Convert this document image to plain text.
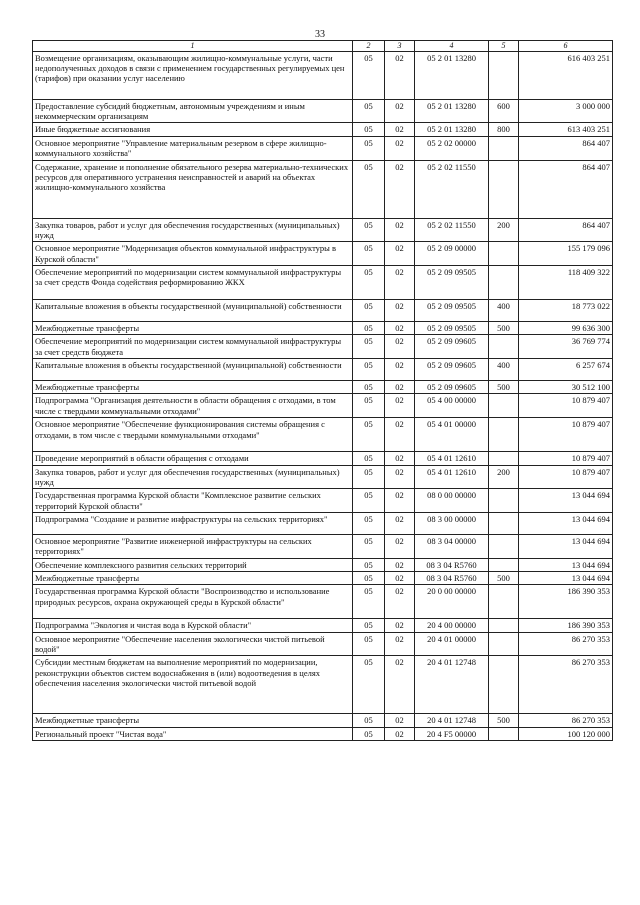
33
1	2	3	4	5	6
Возмещение организациям, оказывающим жилищно-коммунальные услуги, части недополученных доходов в связи с применением государственных регулируемых цен (тарифов) при оказании услуг населению	05	02	05 2 01 13280		616 403 251
Предоставление субсидий бюджетным, автономным учреждениям и иным некоммерческим организациям	05	02	05 2 01 13280	600	3 000 000
Иные бюджетные ассигнования	05	02	05 2 01 13280	800	613 403 251
Основное мероприятие "Управление материальным резервом в сфере жилищно-коммунального хозяйства"	05	02	05 2 02 00000		864 407
Содержание, хранение и пополнение обязательного резерва материально-технических ресурсов для оперативного устранения неисправностей и аварий на объектах жилищно-коммунального хозяйства	05	02	05 2 02 11550		864 407
Закупка товаров, работ и услуг для обеспечения государственных (муниципальных) нужд	05	02	05 2 02 11550	200	864 407
Основное мероприятие "Модернизация объектов коммунальной инфраструктуры в Курской области"	05	02	05 2 09 00000		155 179 096
Обеспечение мероприятий по модернизации систем коммунальной инфраструктуры за счет средств Фонда содействия реформированию ЖКХ	05	02	05 2 09 09505		118 409 322
Капитальные вложения в объекты государственной (муниципальной) собственности	05	02	05 2 09 09505	400	18 773 022
Межбюджетные трансферты	05	02	05 2 09 09505	500	99 636 300
Обеспечение мероприятий по модернизации систем коммунальной инфраструктуры за счет средств бюджета	05	02	05 2 09 09605		36 769 774
Капитальные вложения в объекты государственной (муниципальной) собственности	05	02	05 2 09 09605	400	6 257 674
Межбюджетные трансферты	05	02	05 2 09 09605	500	30 512 100
Подпрограмма "Организация деятельности в области обращения с отходами, в том числе с твердыми коммунальными отходами"	05	02	05 4 00 00000		10 879 407
Основное мероприятие "Обеспечение функционирования системы обращения с отходами, в том числе с твердыми коммунальными отходами"	05	02	05 4 01 00000		10 879 407
Проведение мероприятий в области обращения с отходами	05	02	05 4 01 12610		10 879 407
Закупка товаров, работ и услуг для обеспечения государственных (муниципальных) нужд	05	02	05 4 01 12610	200	10 879 407
Государственная программа Курской области "Комплексное развитие сельских территорий Курской области"	05	02	08 0 00 00000		13 044 694
Подпрограмма "Создание и развитие инфраструктуры на сельских территориях"	05	02	08 3 00 00000		13 044 694
Основное мероприятие "Развитие инженерной инфраструктуры на сельских территориях"	05	02	08 3 04 00000		13 044 694
Обеспечение комплексного развития сельских территорий	05	02	08 3 04 R5760		13 044 694
Межбюджетные трансферты	05	02	08 3 04 R5760	500	13 044 694
Государственная программа Курской области "Воспроизводство и использование природных ресурсов, охрана окружающей среды в Курской области"	05	02	20 0 00 00000		186 390 353
Подпрограмма "Экология и чистая вода в Курской области"	05	02	20 4 00 00000		186 390 353
Основное мероприятие "Обеспечение населения экологически чистой питьевой водой"	05	02	20 4 01 00000		86 270 353
Субсидии местным бюджетам на выполнение мероприятий по модернизации, реконструкции объектов систем водоснабжения в (или) водоотведения в целях обеспечения населения экологически чистой питьевой водой	05	02	20 4 01 12748		86 270 353
Межбюджетные трансферты	05	02	20 4 01 12748	500	86 270 353
Региональный проект "Чистая вода"	05	02	20 4 F5 00000		100 120 000
